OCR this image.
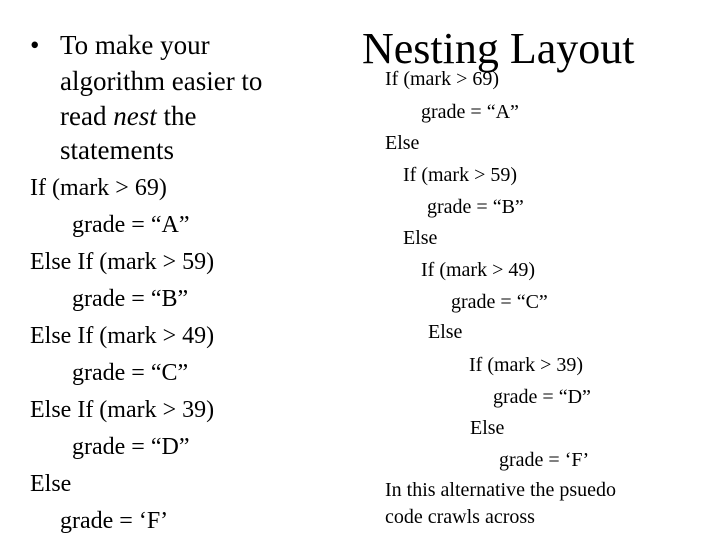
• To make your
algorithm easier to
read nest the
statements
If (mark > 69)
grade = “A”
Else If (mark > 59)
grade = “B”
Else If (mark > 49)
grade = “C”
Else If (mark > 39)
grade = “D”
Else
grade = ‘F’
Nesting Layout
If (mark > 69)
grade = “A”
Else
If (mark > 59)
grade = “B”
Else
If (mark > 49)
grade = “C”
Else
If (mark > 39)
grade = “D”
Else
grade = ‘F’
In this alternative the psuedo
code crawls across
